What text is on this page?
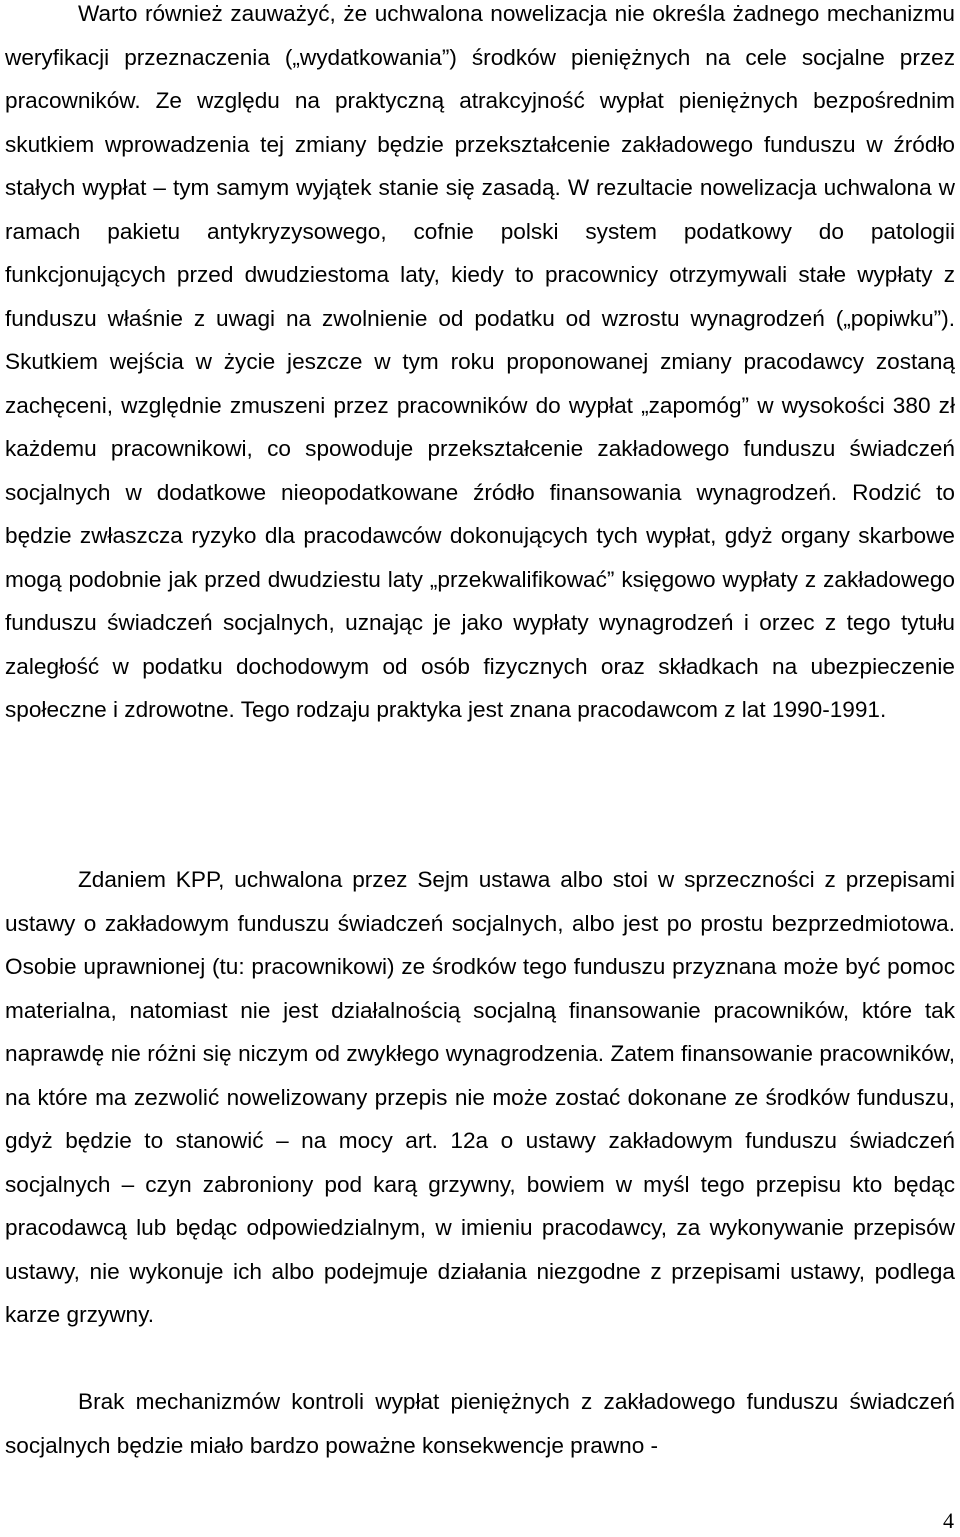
Warto również zauważyć, że uchwalona nowelizacja nie określa żadnego mechanizmu weryfikacji przeznaczenia („wydatkowania”) środków pieniężnych na cele socjalne przez pracowników. Ze względu na praktyczną atrakcyjność wypłat pieniężnych bezpośrednim skutkiem wprowadzenia tej zmiany będzie przekształcenie zakładowego funduszu w źródło stałych wypłat – tym samym wyjątek stanie się zasadą. W rezultacie nowelizacja uchwalona w ramach pakietu antykryzysowego, cofnie polski system podatkowy do patologii funkcjonujących przed dwudziestoma laty, kiedy to pracownicy otrzymywali stałe wypłaty z funduszu właśnie z uwagi na zwolnienie od podatku od wzrostu wynagrodzeń („popiwku”). Skutkiem wejścia w życie jeszcze w tym roku proponowanej zmiany pracodawcy zostaną zachęceni, względnie zmuszeni przez pracowników do wypłat „zapomóg” w wysokości 380 zł każdemu pracownikowi, co spowoduje przekształcenie zakładowego funduszu świadczeń socjalnych w dodatkowe nieopodatkowane źródło finansowania wynagrodzeń. Rodzić to będzie zwłaszcza ryzyko dla pracodawców dokonujących tych wypłat, gdyż organy skarbowe mogą podobnie jak przed dwudziestu laty „przekwalifikować” księgowo wypłaty z zakładowego funduszu świadczeń socjalnych, uznając je jako wypłaty wynagrodzeń i orzec z tego tytułu zaległość w podatku dochodowym od osób fizycznych oraz składkach na ubezpieczenie społeczne i zdrowotne. Tego rodzaju praktyka jest znana pracodawcom z lat 1990-1991.

Zdaniem KPP, uchwalona przez Sejm ustawa albo stoi w sprzeczności z przepisami ustawy o zakładowym funduszu świadczeń socjalnych, albo jest po prostu bezprzedmiotowa. Osobie uprawnionej (tu: pracownikowi) ze środków tego funduszu przyznana może być pomoc materialna, natomiast nie jest działalnością socjalną finansowanie pracowników, które tak naprawdę nie różni się niczym od zwykłego wynagrodzenia. Zatem finansowanie pracowników, na które ma zezwolić nowelizowany przepis nie może zostać dokonane ze środków funduszu, gdyż będzie to stanowić – na mocy art. 12a o ustawy zakładowym funduszu świadczeń socjalnych – czyn zabroniony pod karą grzywny, bowiem w myśl tego przepisu kto będąc pracodawcą lub będąc odpowiedzialnym, w imieniu pracodawcy, za wykonywanie przepisów ustawy, nie wykonuje ich albo podejmuje działania niezgodne z przepisami ustawy, podlega karze grzywny.

Brak mechanizmów kontroli wypłat pieniężnych z zakładowego funduszu świadczeń socjalnych będzie miało bardzo poważne konsekwencje prawno -

4
